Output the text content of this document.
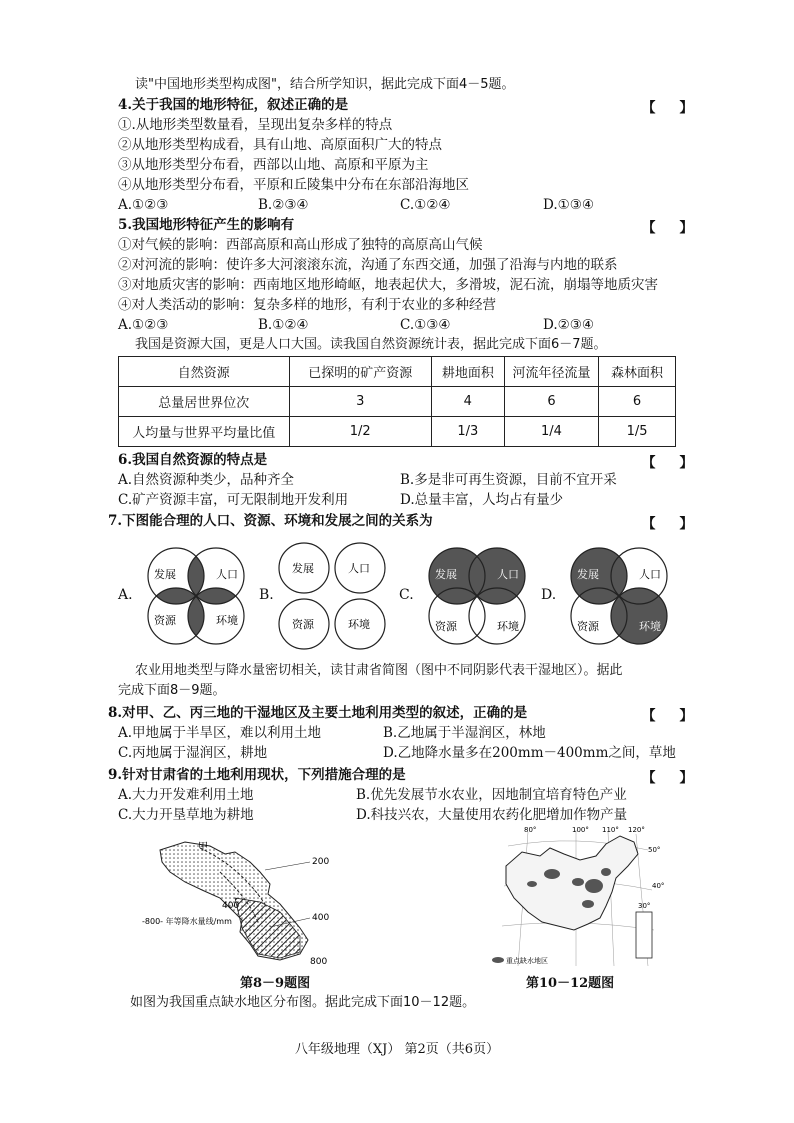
读"中国地形类型构成图"，结合所学知识，据此完成下面4－5题。
4.关于我国的地形特征，叙述正确的是	【】
①.从地形类型数量看，呈现出复杂多样的特点
②从地形类型构成看，具有山地、高原面积广大的特点
③从地形类型分布看，西部以山地、高原和平原为主
④从地形类型分布看，平原和丘陵集中分布在东部沿海地区
A.①②③	B.②③④	C.①②④	D.①③④
5.我国地形特征产生的影响有	【】
①对气候的影响：西部高原和高山形成了独特的高原高山气候
②对河流的影响：使许多大河滚滚东流，沟通了东西交通，加强了沿海与内地的联系
③对地质灾害的影响：西南地区地形崎岖，地表起伏大，多滑坡，泥石流，崩塌等地质灾害
④对人类活动的影响：复杂多样的地形，有利于农业的多种经营
A.①②③	B.①②④	C.①③④	D.②③④
我国是资源大国，更是人口大国。读我国自然资源统计表，据此完成下面6－7题。
自然资源	已探明的矿产资源	耕地面积	河流年径流量	森林面积
总量居世界位次	3	4	6	6
人均量与世界平均量比值	1/2	1/3	1/4	1/5
6.我国自然资源的特点是	【】
A.自然资源种类少，品种齐全	B.多是非可再生资源，目前不宜开采
C.矿产资源丰富，可无限制地开发利用	D.总量丰富，人均占有量少
7.下图能合理的人口、资源、环境和发展之间的关系为	【】
A.	B.	C.	D.
发展	人口
资源	环境
发展	人口
资源	环境
发展	人口
资源	环境
发展	人口
资源	环境
农业用地类型与降水量密切相关，读甘肃省简图（图中不同阴影代表干湿地区）。据此
完成下面8－9题。
8.对甲、乙、丙三地的干湿地区及主要土地利用类型的叙述，正确的是	【】
A.甲地属于半旱区，难以利用土地	B.乙地属于半湿润区，林地
C.丙地属于湿润区，耕地	D.乙地降水量多在200mm－400mm之间，草地
9.针对甘肃省的土地利用现状，下列措施合理的是	【】
A.大力开发难利用土地	B.优先发展节水农业，因地制宜培育特色产业
C.大力开垦草地为耕地	D.科技兴农，大量使用农药化肥增加作物产量
甲
200
400
400
800
-800- 年等降水量线/mm
第8－9题图
80°	100° 110° 120°
50°
40°
30°
重点缺水地区
第10－12题图
如图为我国重点缺水地区分布图。据此完成下面10－12题。
八年级地理（XJ） 第2页（共6页）
